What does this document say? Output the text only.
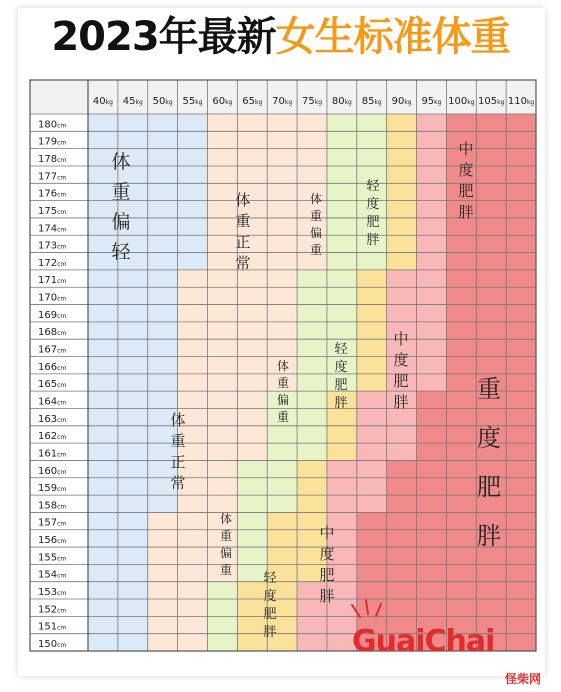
2023年最新女生标准体重
40kg 45kg 50kg 55kg 60kg 65kg 70kg 75kg 80kg 85kg 90kg 95kg 100kg 105kg 110kg
180cm
179cm
178cm
177cm
176cm
175cm
174cm
173cm
172cm
171cm
170cm
169cm
168cm
167cm
166cm
165cm
164cm
163cm
162cm
161cm
160cm
159cm
158cm
157cm
156cm
155cm
154cm
153cm
152cm
151cm
150cm
体
重
偏
轻
体
重
正
常
体
重
偏
重
轻
度
肥
胖
中
度
肥
胖
体
重
正
常
体
重
偏
重
轻
度
肥
胖
中
度
肥
胖	重
度
肥
胖
体
重
偏
重
轻
度
肥
胖
中
度
肥
胖
GuaiChai
怪柴网
